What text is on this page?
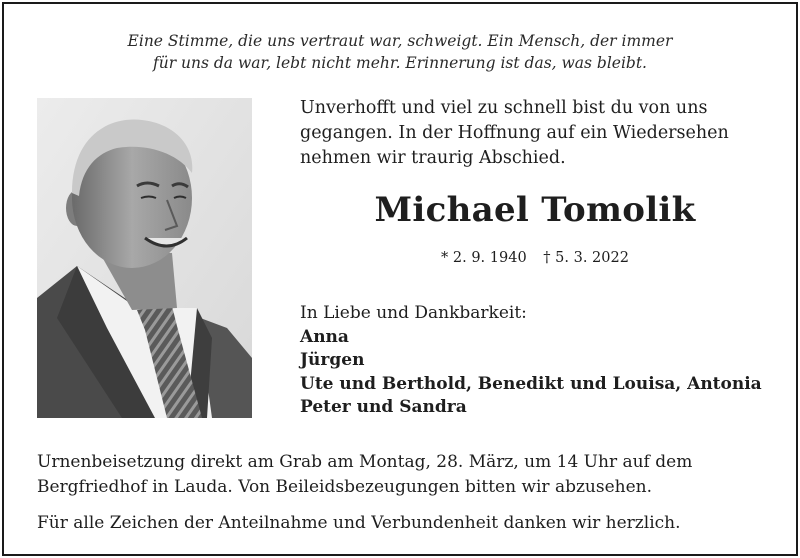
Eine Stimme, die uns vertraut war, schweigt. Ein Mensch, der immer
für uns da war, lebt nicht mehr. Erinnerung ist das, was bleibt.
Unverhofft und viel zu schnell bist du von uns
gegangen. In der Hoffnung auf ein Wiedersehen
nehmen wir traurig Abschied.
Michael Tomolik
* 2. 9. 1940 † 5. 3. 2022
In Liebe und Dankbarkeit:
Anna
Jürgen
Ute und Berthold, Benedikt und Louisa, Antonia
Peter und Sandra
Urnenbeisetzung direkt am Grab am Montag, 28. März, um 14 Uhr auf dem
Bergfriedhof in Lauda. Von Beileidsbezeugungen bitten wir abzusehen.
Für alle Zeichen der Anteilnahme und Verbundenheit danken wir herzlich.
